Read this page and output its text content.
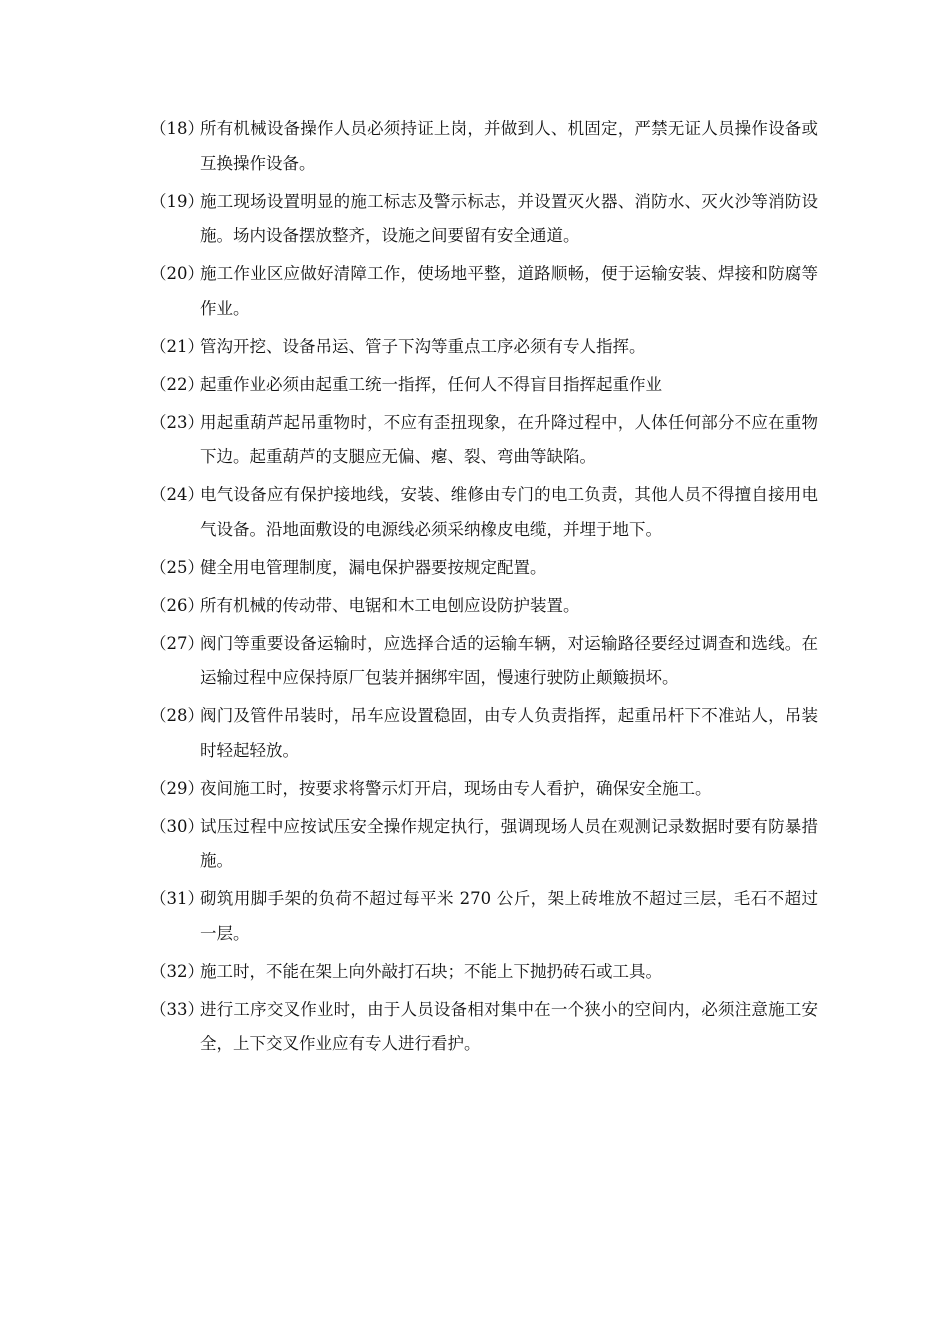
（18）
所有机械设备操作人员必须持证上岗，并做到人、机固定，严禁无证人员操作设备或互换操作设备。
（19）
施工现场设置明显的施工标志及警示标志，并设置灭火器、消防水、灭火沙等消防设施。场内设备摆放整齐，设施之间要留有安全通道。
（20）
施工作业区应做好清障工作，使场地平整，道路顺畅，便于运输安装、焊接和防腐等作业。
（21）
管沟开挖、设备吊运、管子下沟等重点工序必须有专人指挥。
（22）
起重作业必须由起重工统一指挥，任何人不得盲目指挥起重作业
（23）
用起重葫芦起吊重物时，不应有歪扭现象，在升降过程中，人体任何部分不应在重物下边。起重葫芦的支腿应无偏、瘪、裂、弯曲等缺陷。
（24）
电气设备应有保护接地线，安装、维修由专门的电工负责，其他人员不得擅自接用电气设备。沿地面敷设的电源线必须采纳橡皮电缆，并埋于地下。
（25）
健全用电管理制度，漏电保护器要按规定配置。
（26）
所有机械的传动带、电锯和木工电刨应设防护装置。
（27）
阀门等重要设备运输时，应选择合适的运输车辆，对运输路径要经过调查和选线。在运输过程中应保持原厂包装并捆绑牢固，慢速行驶防止颠簸损坏。
（28）
阀门及管件吊装时，吊车应设置稳固，由专人负责指挥，起重吊杆下不准站人，吊装时轻起轻放。
（29）
夜间施工时，按要求将警示灯开启，现场由专人看护，确保安全施工。
（30）
试压过程中应按试压安全操作规定执行，强调现场人员在观测记录数据时要有防暴措施。
（31）
砌筑用脚手架的负荷不超过每平米 270 公斤，架上砖堆放不超过三层，毛石不超过一层。
（32）
施工时，不能在架上向外敲打石块；不能上下抛扔砖石或工具。
（33）
进行工序交叉作业时，由于人员设备相对集中在一个狭小的空间内，必须注意施工安全，上下交叉作业应有专人进行看护。
